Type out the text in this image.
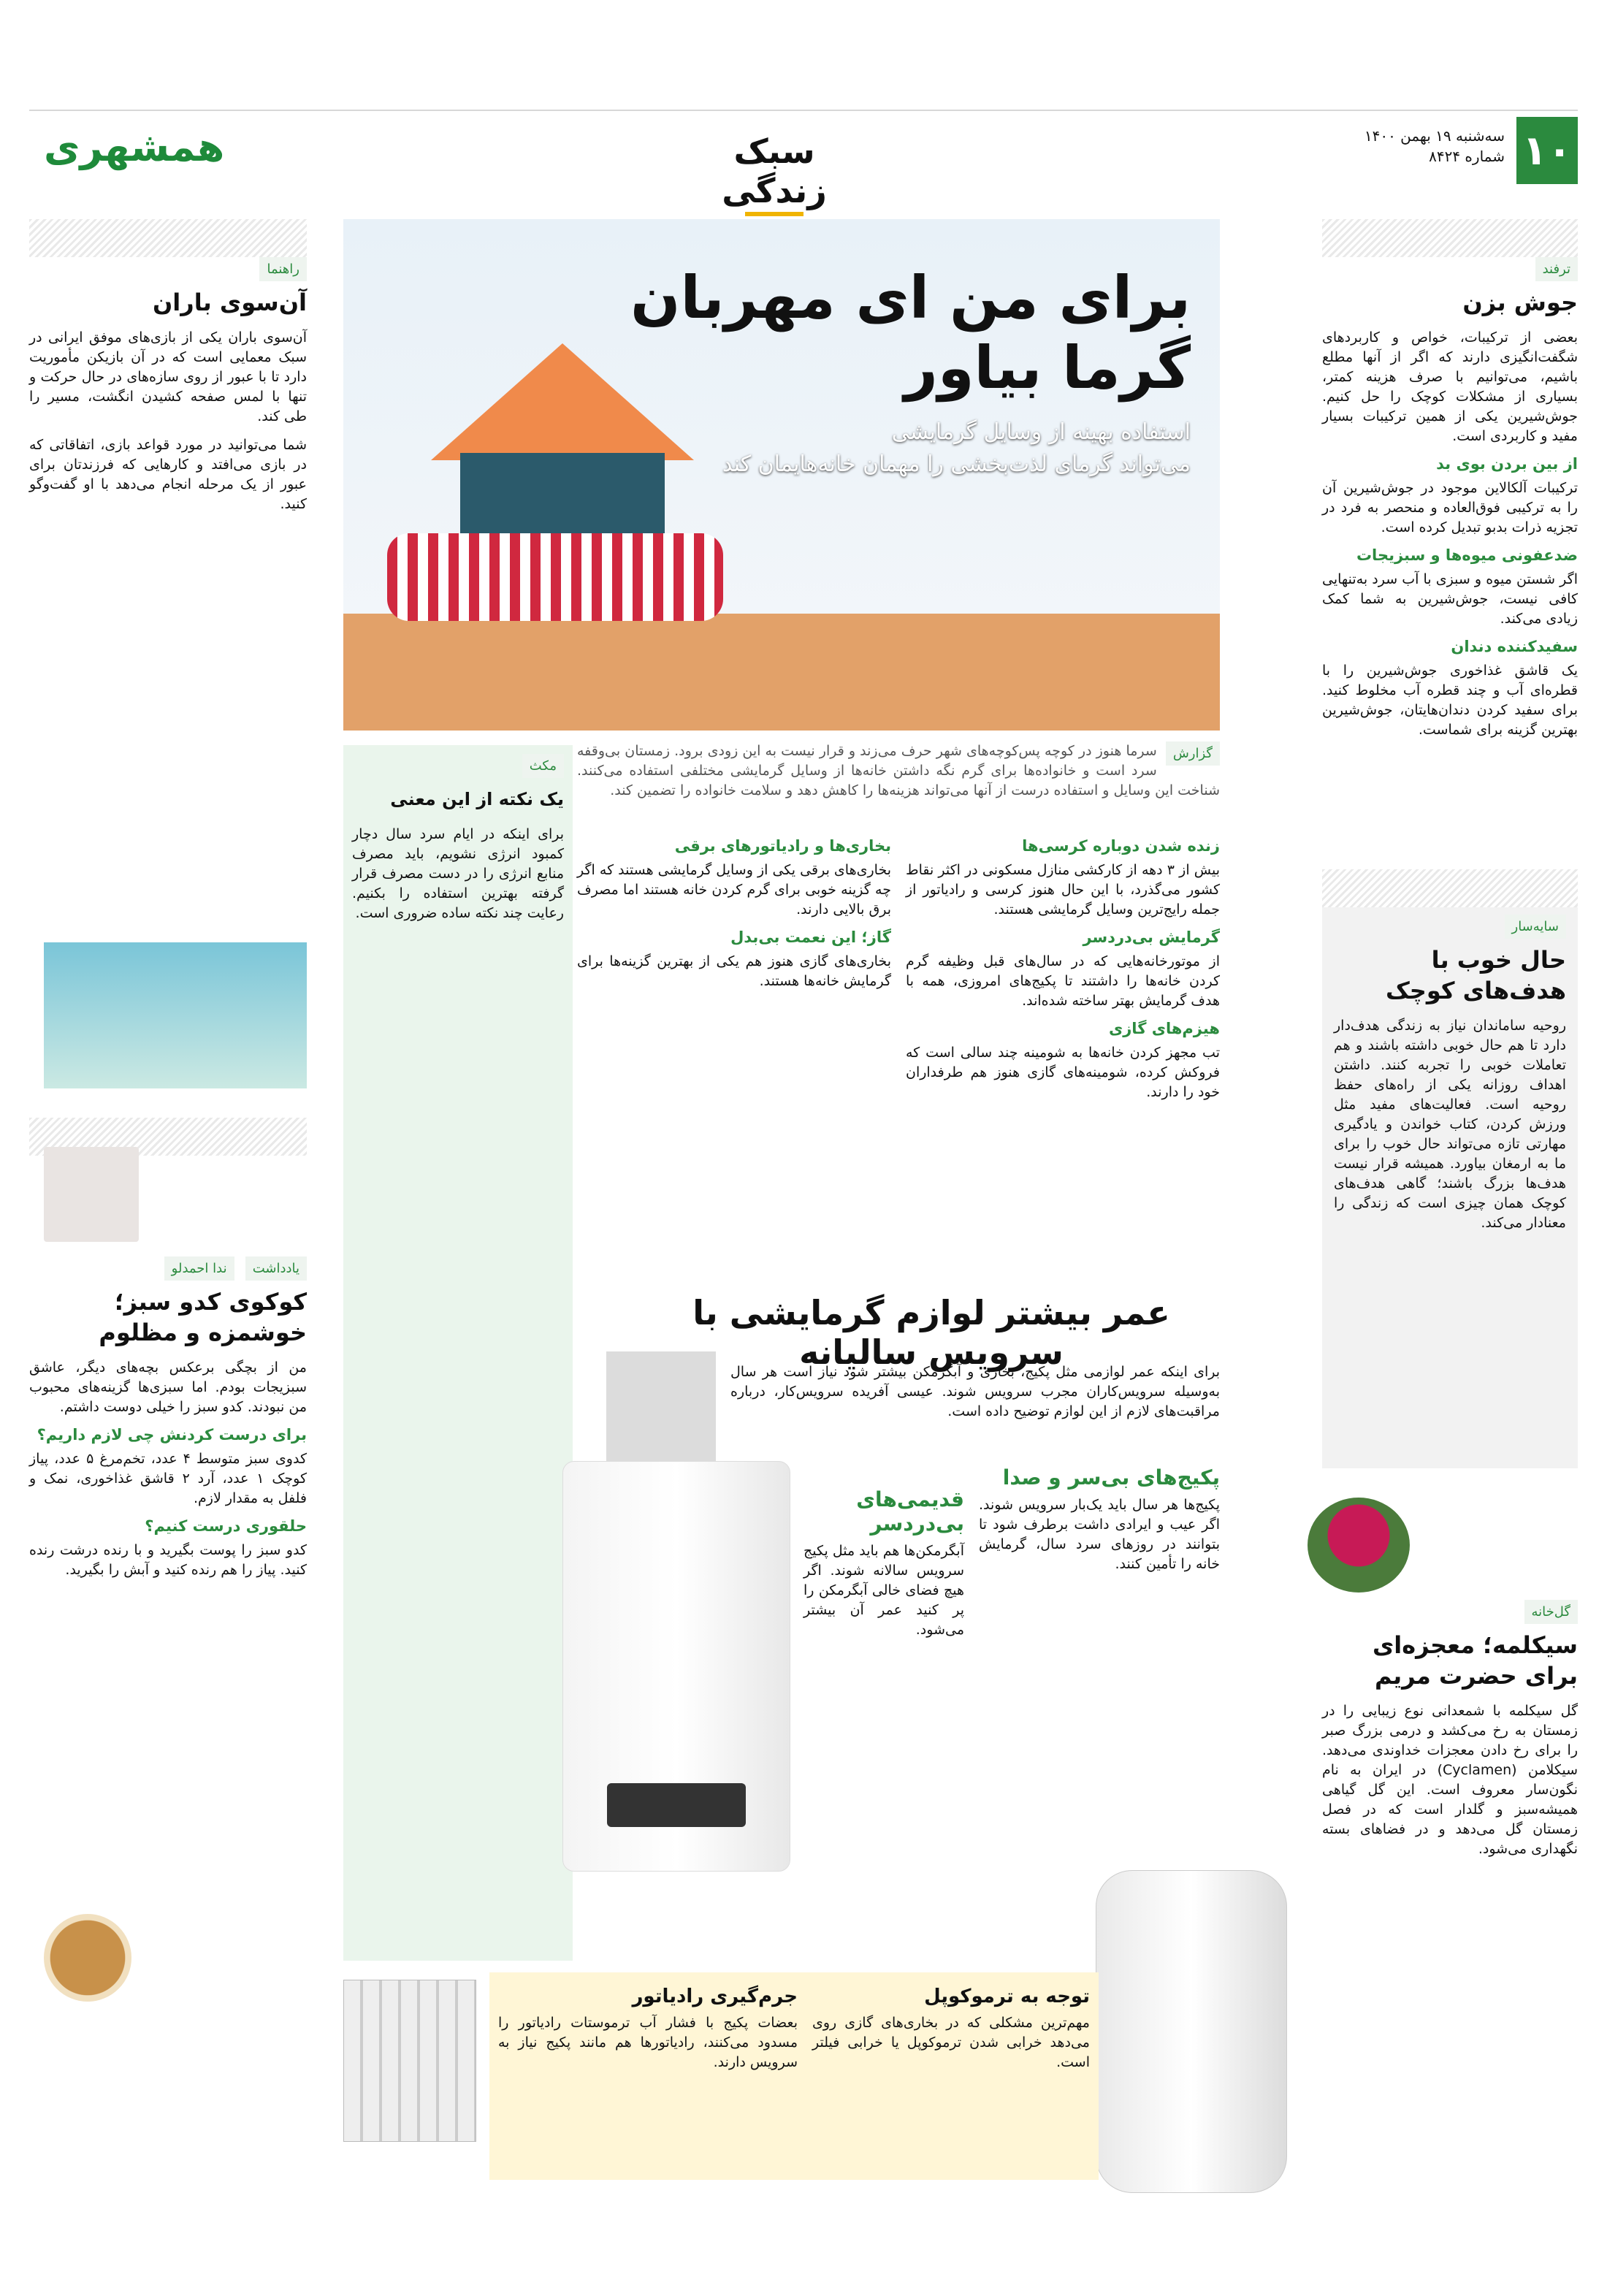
۱۰
سه‌شنبه ۱۹ بهمن ۱۴۰۰
شماره ۸۴۲۴
سبک زندگی
همشهری
ترفند
جوش بزن

بعضی از ترکیبات، خواص و کاربردهای شگفت‌انگیزی دارند که اگر از آنها مطلع باشیم، می‌توانیم با صرف هزینه کمتر، بسیاری از مشکلات کوچک را حل کنیم. جوش‌شیرین یکی از همین ترکیبات بسیار مفید و کاربردی است.

از بین بردن بوی بد

ترکیبات آلکالاین موجود در جوش‌شیرین آن را به ترکیبی فوق‌العاده و منحصر به فرد در تجزیه ذرات بدبو تبدیل کرده است.

ضدعفونی میوه‌ها و سبزیجات

اگر شستن میوه و سبزی با آب سرد به‌تنهایی کافی نیست، جوش‌شیرین به شما کمک زیادی می‌کند.

سفیدکننده دندان

یک قاشق غذاخوری جوش‌شیرین را با قطره‌ای آب و چند قطره آب مخلوط کنید. برای سفید کردن دندان‌هایتان، جوش‌شیرین بهترین گزینه برای شماست.

سایه‌سار
حال خوب با هدف‌های کوچک

روحیه ساماندان نیاز به زندگی هدف‌دار دارد تا هم حال خوبی داشته باشند و هم تعاملات خوبی را تجربه کنند. داشتن اهداف روزانه یکی از راه‌های حفظ روحیه است. فعالیت‌های مفید مثل ورزش کردن، کتاب خواندن و یادگیری مهارتی تازه می‌تواند حال خوب را برای ما به ارمغان بیاورد. همیشه قرار نیست هدف‌ها بزرگ باشند؛ گاهی هدف‌های کوچک همان چیزی است که زندگی را معنادار می‌کند.

گل‌خانه
سیکلمه؛ معجزه‌ای برای حضرت مریم

گل سیکلمه با شمعدانی نوع زیبایی را در زمستان به رخ می‌کشد و درمی بزرگ صبر را برای رخ دادن معجزات خداوندی می‌دهد. سیکلامن (Cyclamen) در ایران به نام نگون‌سار معروف است. این گل گیاهی همیشه‌سبز و گلدار است که در فصل زمستان گل می‌دهد و در فضاهای بسته نگهداری می‌شود.

برای من ای مهربان
گرما بیاور
استفاده بهینه از وسایل گرمایشی
می‌تواند گرمای لذت‌بخشی را مهمان خانه‌هایمان کند
گزارش

سرما هنوز در کوچه پس‌کوچه‌های شهر حرف می‌زند و قرار نیست به این زودی برود. زمستان بی‌وقفه سرد است و خانواده‌ها برای گرم نگه داشتن خانه‌ها از وسایل گرمایشی مختلفی استفاده می‌کنند. شناخت این وسایل و استفاده درست از آنها می‌تواند هزینه‌ها را کاهش دهد و سلامت خانواده را تضمین کند.

زنده شدن دوباره کرسی‌ها

بیش از ۳ دهه از کارکشی منازل مسکونی در اکثر نقاط کشور می‌گذرد، با این حال هنوز کرسی و رادیاتور از جمله رایج‌ترین وسایل گرمایشی هستند.

گرمایش بی‌دردسر

از موتورخانه‌هایی که در سال‌های قبل وظیفه گرم کردن خانه‌ها را داشتند تا پکیج‌های امروزی، همه با هدف گرمایش بهتر ساخته شده‌اند.

هیزم‌های گازی

تب مجهز کردن خانه‌ها به شومینه چند سالی است که فروکش کرده، شومینه‌های گازی هنوز هم طرفداران خود را دارند.

بخاری‌ها و رادیاتورهای برقی

بخاری‌های برقی یکی از وسایل گرمایشی هستند که اگر چه گزینه خوبی برای گرم کردن خانه هستند اما مصرف برق بالایی دارند.

گاز؛ این نعمت بی‌بدل

بخاری‌های گازی هنوز هم یکی از بهترین گزینه‌ها برای گرمایش خانه‌ها هستند.

مکث
یک نکته از این معنی

برای اینکه در ایام سرد سال دچار کمبود انرژی نشویم، باید مصرف منابع انرژی را در دست مصرف قرار گرفته بهترین استفاده را بکنیم. رعایت چند نکته ساده ضروری است.

عمر بیشتر لوازم گرمایشی با سرویس سالیانه

برای اینکه عمر لوازمی مثل پکیج، بخاری و آبگرمکن بیشتر شود نیاز است هر سال به‌وسیله سرویس‌کاران مجرب سرویس شوند. عیسی آفریده سرویس‌کار، درباره مراقبت‌های لازم از این لوازم توضیح داده است.

پکیج‌های بی‌سر و صدا

پکیج‌ها هر سال باید یک‌بار سرویس شوند. اگر عیب و ایرادی داشت برطرف شود تا بتوانند در روزهای سرد سال، گرمایش خانه را تأمین کنند.

قدیمی‌های بی‌دردسر

آبگرمکن‌ها هم باید مثل پکیج سرویس سالانه شوند. اگر هیچ فضای خالی آبگرمکن را پر کنید عمر آن بیشتر می‌شود.

توجه به ترموکوپل

مهم‌ترین مشکلی که در بخاری‌های گازی روی می‌دهد خرابی شدن ترموکوپل یا خرابی فیلتر است.

جرم‌گیری رادیاتور

بعضات پکیج با فشار آب ترموستات رادیاتور را مسدود می‌کنند، رادیاتورها هم مانند پکیج نیاز به سرویس دارند.

راهنما
آن‌سوی باران

آن‌سوی باران یکی از بازی‌های موفق ایرانی در سبک معمایی است که در آن بازیکن مأموریت دارد تا با عبور از روی سازه‌های در حال حرکت و تنها با لمس صفحه کشیدن انگشت، مسیر را طی کند.

شما می‌توانید در مورد قواعد بازی، اتفاقاتی که در بازی می‌افتد و کارهایی که فرزندتان برای عبور از یک مرحله انجام می‌دهد با او گفت‌وگو کنید.

یادداشت ندا احمدلو
کوکوی کدو سبز؛ خوشمزه و مظلوم

من از بچگی برعکس بچه‌های دیگر، عاشق سبزیجات بودم. اما سبزی‌ها گزینه‌های محبوب من نبودند. کدو سبز را خیلی دوست داشتم.

برای درست کردنش چی لازم داریم؟

کدوی سبز متوسط ۴ عدد، تخم‌مرغ ۵ عدد، پیاز کوچک ۱ عدد، آرد ۲ قاشق غذاخوری، نمک و فلفل به مقدار لازم.

حلقوری درست کنیم؟

کدو سبز را پوست بگیرید و با رنده درشت رنده کنید. پیاز را هم رنده کنید و آبش را بگیرید.
